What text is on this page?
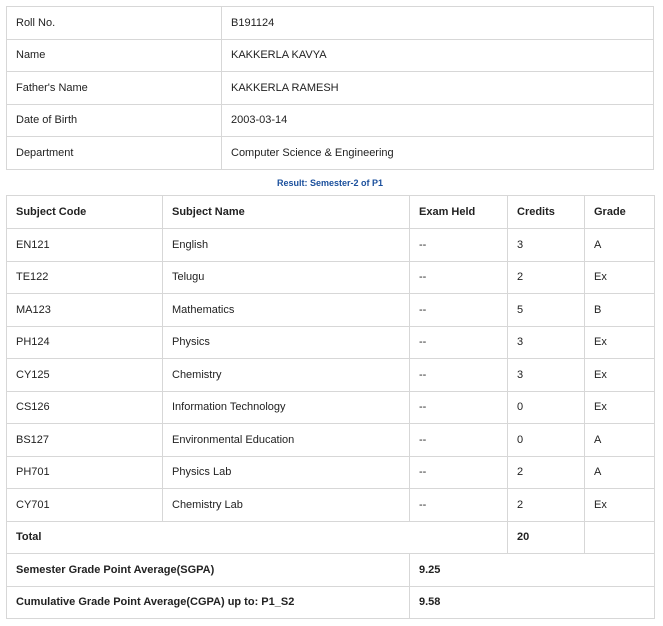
Roll No.	B191124
Name	KAKKERLA KAVYA
Father's Name	KAKKERLA RAMESH
Date of Birth	2003-03-14
Department	Computer Science & Engineering
Result: Semester-2 of P1
Subject Code	Subject Name	Exam Held	Credits	Grade
EN121	English	--	3	A
TE122	Telugu	--	2	Ex
MA123	Mathematics	--	5	B
PH124	Physics	--	3	Ex
CY125	Chemistry	--	3	Ex
CS126	Information Technology	--	0	Ex
BS127	Environmental Education	--	0	A
PH701	Physics Lab	--	2	A
CY701	Chemistry Lab	--	2	Ex
Total			20	
Semester Grade Point Average(SGPA)		9.25		
Cumulative Grade Point Average(CGPA) up to: P1_S2		9.58		
